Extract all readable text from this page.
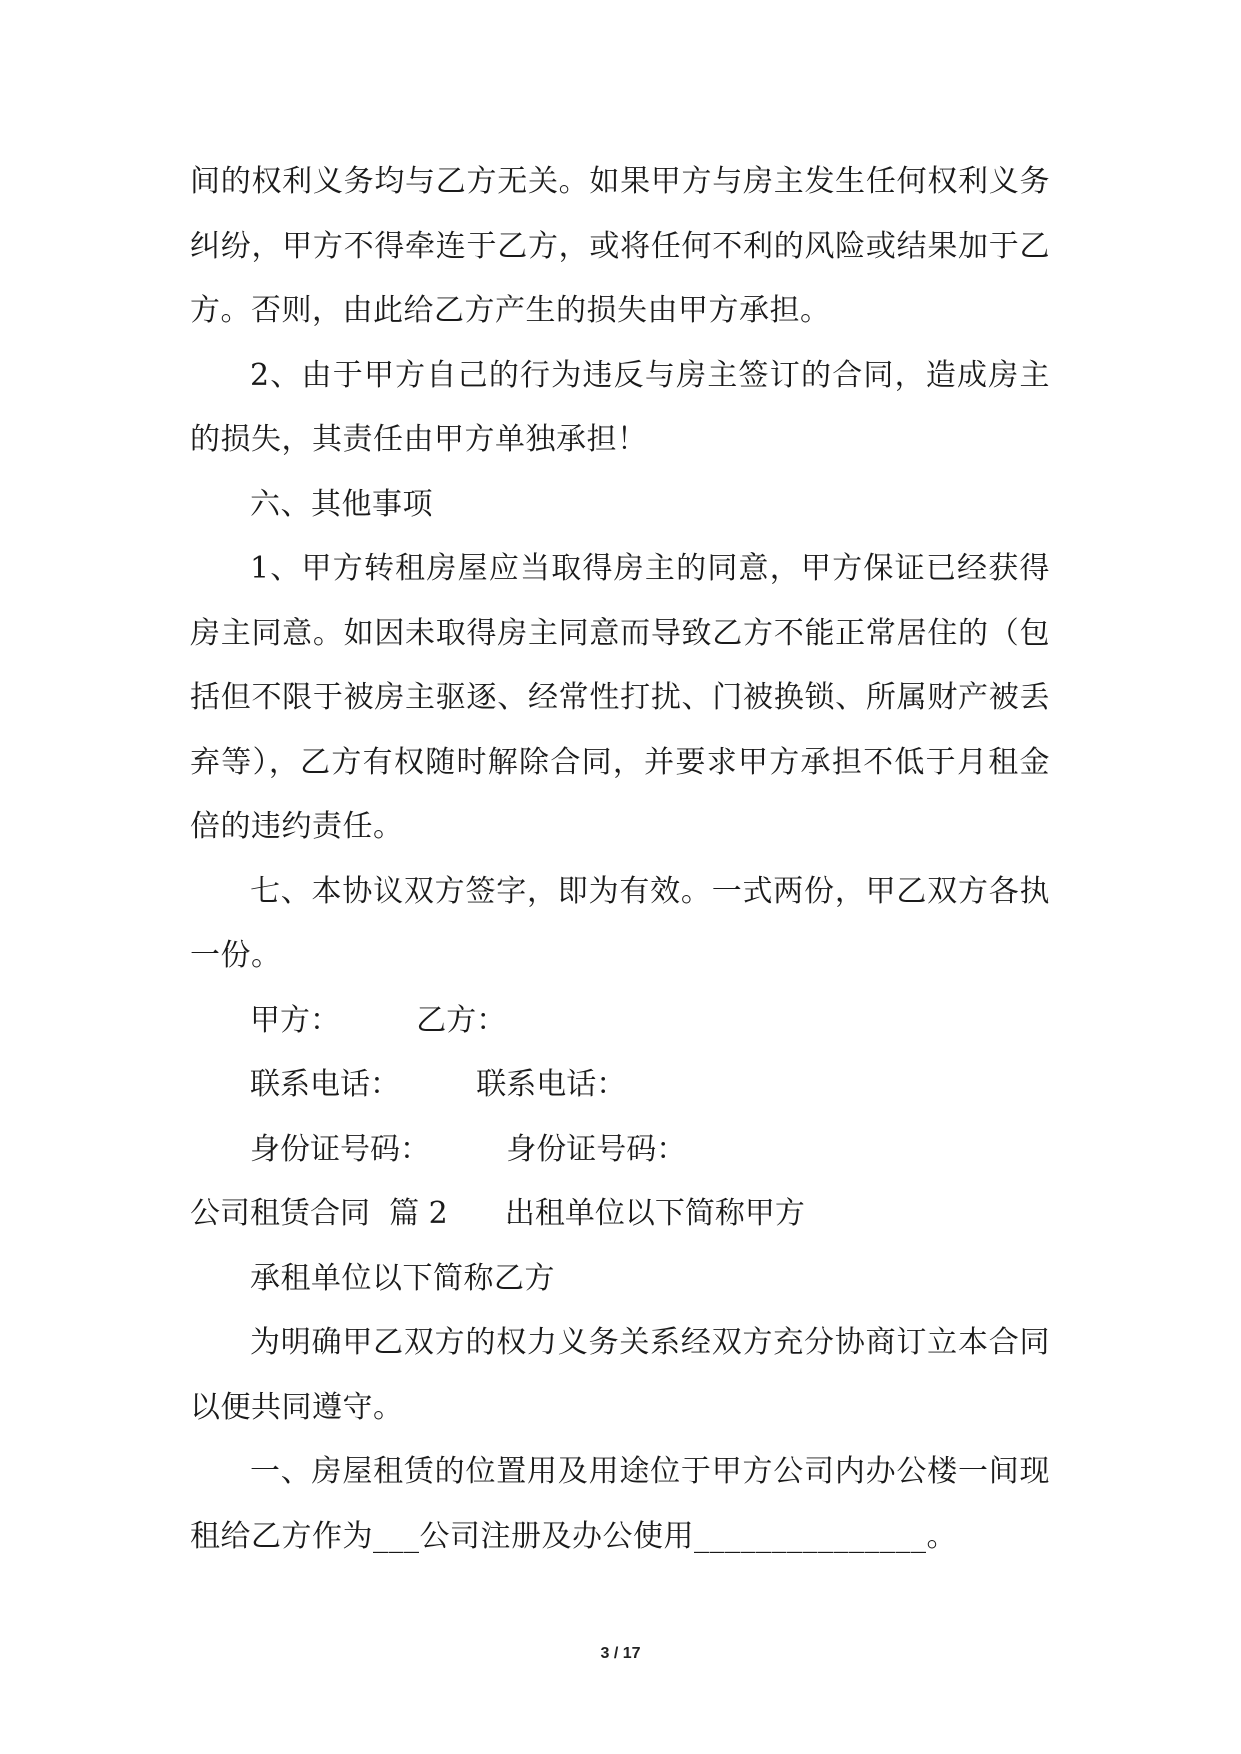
间的权利义务均与乙方无关。如果甲方与房主发生任何权利义务纠纷，甲方不得牵连于乙方，或将任何不利的风险或结果加于乙方。否则，由此给乙方产生的损失由甲方承担。

2、由于甲方自己的行为违反与房主签订的合同，造成房主的损失，其责任由甲方单独承担！

六、其他事项

1、甲方转租房屋应当取得房主的同意，甲方保证已经获得房主同意。如因未取得房主同意而导致乙方不能正常居住的（包括但不限于被房主驱逐、经常性打扰、门被换锁、所属财产被丢弃等），乙方有权随时解除合同，并要求甲方承担不低于月租金倍的违约责任。

七、本协议双方签字，即为有效。一式两份，甲乙双方各执一份。

甲方：	乙方：
联系电话：	联系电话：
身份证号码：	身份证号码：
公司租赁合同  篇 2 出租单位以下简称甲方

承租单位以下简称乙方

为明确甲乙双方的权力义务关系经双方充分协商订立本合同以便共同遵守。

一、房屋租赁的位置用及用途位于甲方公司内办公楼一间现租给乙方作为___公司注册及办公使用_______________。

3 / 17
